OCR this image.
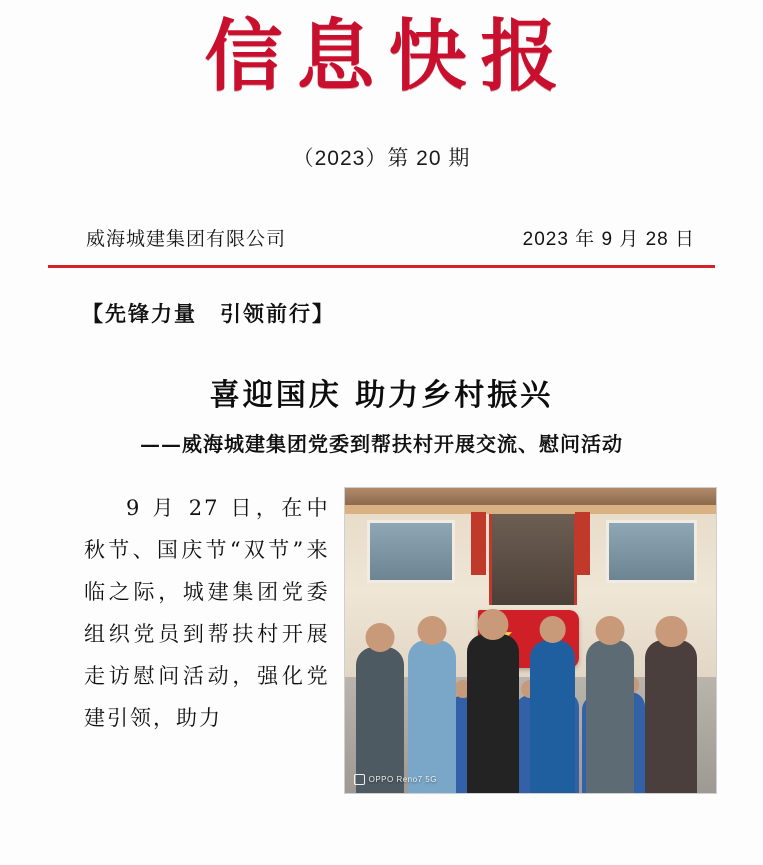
信息快报
（2023）第 20 期
威海城建集团有限公司	2023 年 9 月 28 日
【先锋力量　引领前行】
喜迎国庆 助力乡村振兴
——威海城建集团党委到帮扶村开展交流、慰问活动

9 月 27 日，在中秋节、国庆节“双节”来临之际，城建集团党委组织党员到帮扶村开展走访慰问活动，强化党建引领，助力

OPPO Reno7 5G
